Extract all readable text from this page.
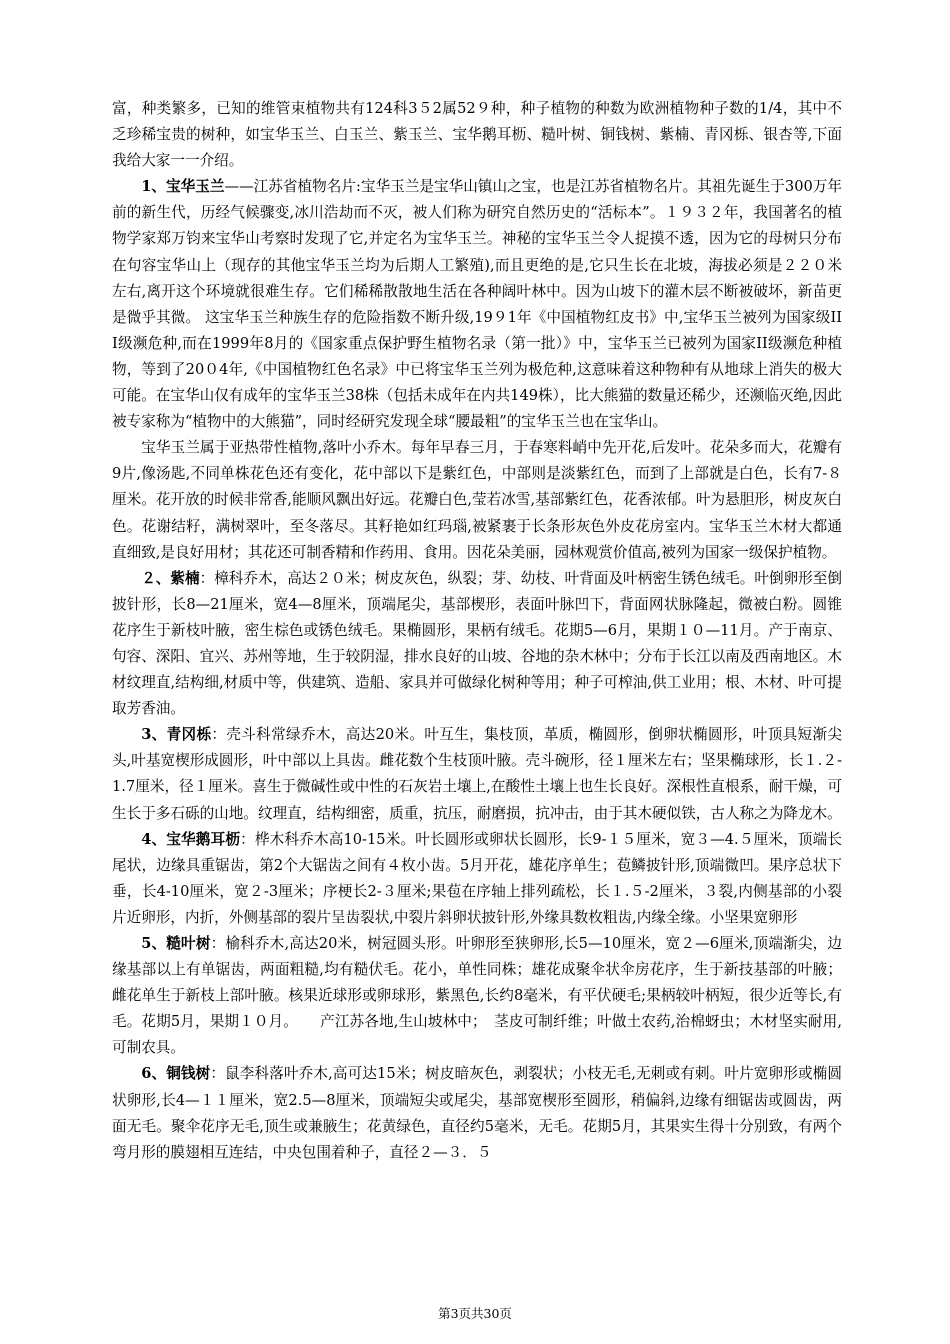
富，种类繁多，已知的维管束植物共有124科3５2属52９种，种子植物的种数为欧洲植物种子数的1/4，其中不乏珍稀宝贵的树种，如宝华玉兰、白玉兰、紫玉兰、宝华鹅耳枥、糙叶树、铜钱树、紫楠、青冈栎、银杏等,下面我给大家一一介绍。

1、宝华玉兰——江苏省植物名片:宝华玉兰是宝华山镇山之宝，也是江苏省植物名片。其祖先诞生于300万年前的新生代，历经气候骤变,冰川浩劫而不灭，被人们称为研究自然历史的“活标本”。１９３２年，我国著名的植物学家郑万钧来宝华山考察时发现了它,并定名为宝华玉兰。神秘的宝华玉兰令人捉摸不透，因为它的母树只分布在句容宝华山上（现存的其他宝华玉兰均为后期人工繁殖),而且更绝的是,它只生长在北坡，海拔必须是２２０米左右,离开这个环境就很难生存。它们稀稀散散地生活在各种阔叶林中。因为山坡下的灌木层不断被破坏，新苗更是微乎其微。 这宝华玉兰种族生存的危险指数不断升级,19９1年《中国植物红皮书》中,宝华玉兰被列为国家级IIⅠ级濒危种,而在1999年8月的《国家重点保护野生植物名录（第一批）》中，宝华玉兰已被列为国家II级濒危种植物，等到了20０4年,《中国植物红色名录》中已将宝华玉兰列为极危种,这意味着这种物种有从地球上消失的极大可能。在宝华山仅有成年的宝华玉兰38株（包括未成年在内共149株），比大熊猫的数量还稀少，还濒临灭绝,因此被专家称为“植物中的大熊猫”，同时经研究发现全球“腰最粗”的宝华玉兰也在宝华山。

宝华玉兰属于亚热带性植物,落叶小乔木。每年早春三月，于春寒料峭中先开花,后发叶。花朵多而大，花瓣有9片,像汤匙,不同单株花色还有变化，花中部以下是紫红色，中部则是淡紫红色，而到了上部就是白色，长有7-８厘米。花开放的时候非常香,能顺风飘出好远。花瓣白色,莹若冰雪,基部紫红色，花香浓郁。叶为悬胆形，树皮灰白色。花谢结籽，满树翠叶，至冬落尽。其籽艳如红玛瑙,被紧裹于长条形灰色外皮花房室内。宝华玉兰木材大都通直细致,是良好用材；其花还可制香精和作药用、食用。因花朵美丽，园林观赏价值高,被列为国家一级保护植物。

２、紫楠：樟科乔木，高达２０米；树皮灰色，纵裂；芽、幼枝、叶背面及叶柄密生锈色绒毛。叶倒卵形至倒披针形，长8—21厘米，宽4—8厘米，顶端尾尖，基部楔形，表面叶脉凹下，背面网状脉隆起，微被白粉。圆锥花序生于新枝叶腋，密生棕色或锈色绒毛。果椭圆形，果柄有绒毛。花期5—6月，果期１０—11月。产于南京、句容、深阳、宜兴、苏州等地，生于较阴湿，排水良好的山坡、谷地的杂木林中；分布于长江以南及西南地区。木材纹理直,结构细,材质中等，供建筑、造船、家具并可做绿化树种等用；种子可榨油,供工业用；根、木材、叶可提取芳香油。

3、青冈栎：壳斗科常绿乔木，高达20米。叶互生，集枝顶，革质，椭圆形，倒卵状椭圆形，叶顶具短渐尖头,叶基宽楔形成圆形，叶中部以上具齿。雌花数个生枝顶叶腋。壳斗碗形，径１厘米左右；坚果椭球形，长１.２-1.7厘米，径１厘米。喜生于微碱性或中性的石灰岩土壤上,在酸性土壤上也生长良好。深根性直根系，耐干燥，可生长于多石砾的山地。纹理直，结构细密，质重，抗压，耐磨损，抗冲击，由于其木硬似铁，古人称之为降龙木。

4、宝华鹅耳枥：桦木科乔木高10-15米。叶长圆形或卵状长圆形，长9-１５厘米，宽３—4.５厘米，顶端长尾状，边缘具重锯齿，第2个大锯齿之间有４枚小齿。5月开花，雄花序单生；苞鳞披针形,顶端微凹。果序总状下垂，长4-10厘米，宽２-3厘米；序梗长2-３厘米;果苞在序轴上排列疏松，长１.５-2厘米，３裂,内侧基部的小裂片近卵形，内折，外侧基部的裂片呈齿裂状,中裂片斜卵状披针形,外缘具数枚粗齿,内缘全缘。小坚果宽卵形

5、糙叶树：榆科乔木,高达20米，树冠圆头形。叶卵形至狭卵形,长5—10厘米，宽２—6厘米,顶端渐尖，边缘基部以上有单锯齿，两面粗糙,均有糙伏毛。花小，单性同株；雄花成聚伞状伞房花序，生于新技基部的叶腋；雌花单生于新枝上部叶腋。核果近球形或卵球形，紫黑色,长约8毫米，有平伏硬毛;果柄较叶柄短，很少近等长,有毛。花期5月，果期１０月。　　产江苏各地,生山坡林中；　茎皮可制纤维；叶做土农药,治棉蚜虫；木材坚实耐用,可制农具。

6、铜钱树：鼠李科落叶乔木,高可达15米；树皮暗灰色，剥裂状；小枝无毛,无刺或有刺。叶片宽卵形或椭圆状卵形,长4—１１厘米，宽2.5—8厘米，顶端短尖或尾尖，基部宽楔形至圆形，稍偏斜,边缘有细锯齿或圆齿，两面无毛。聚伞花序无毛,顶生或兼腋生；花黄绿色，直径约5毫米，无毛。花期5月，其果实生得十分别致，有两个弯月形的膜翅相互连结，中央包围着种子，直径２—３．５

第3页共30页
